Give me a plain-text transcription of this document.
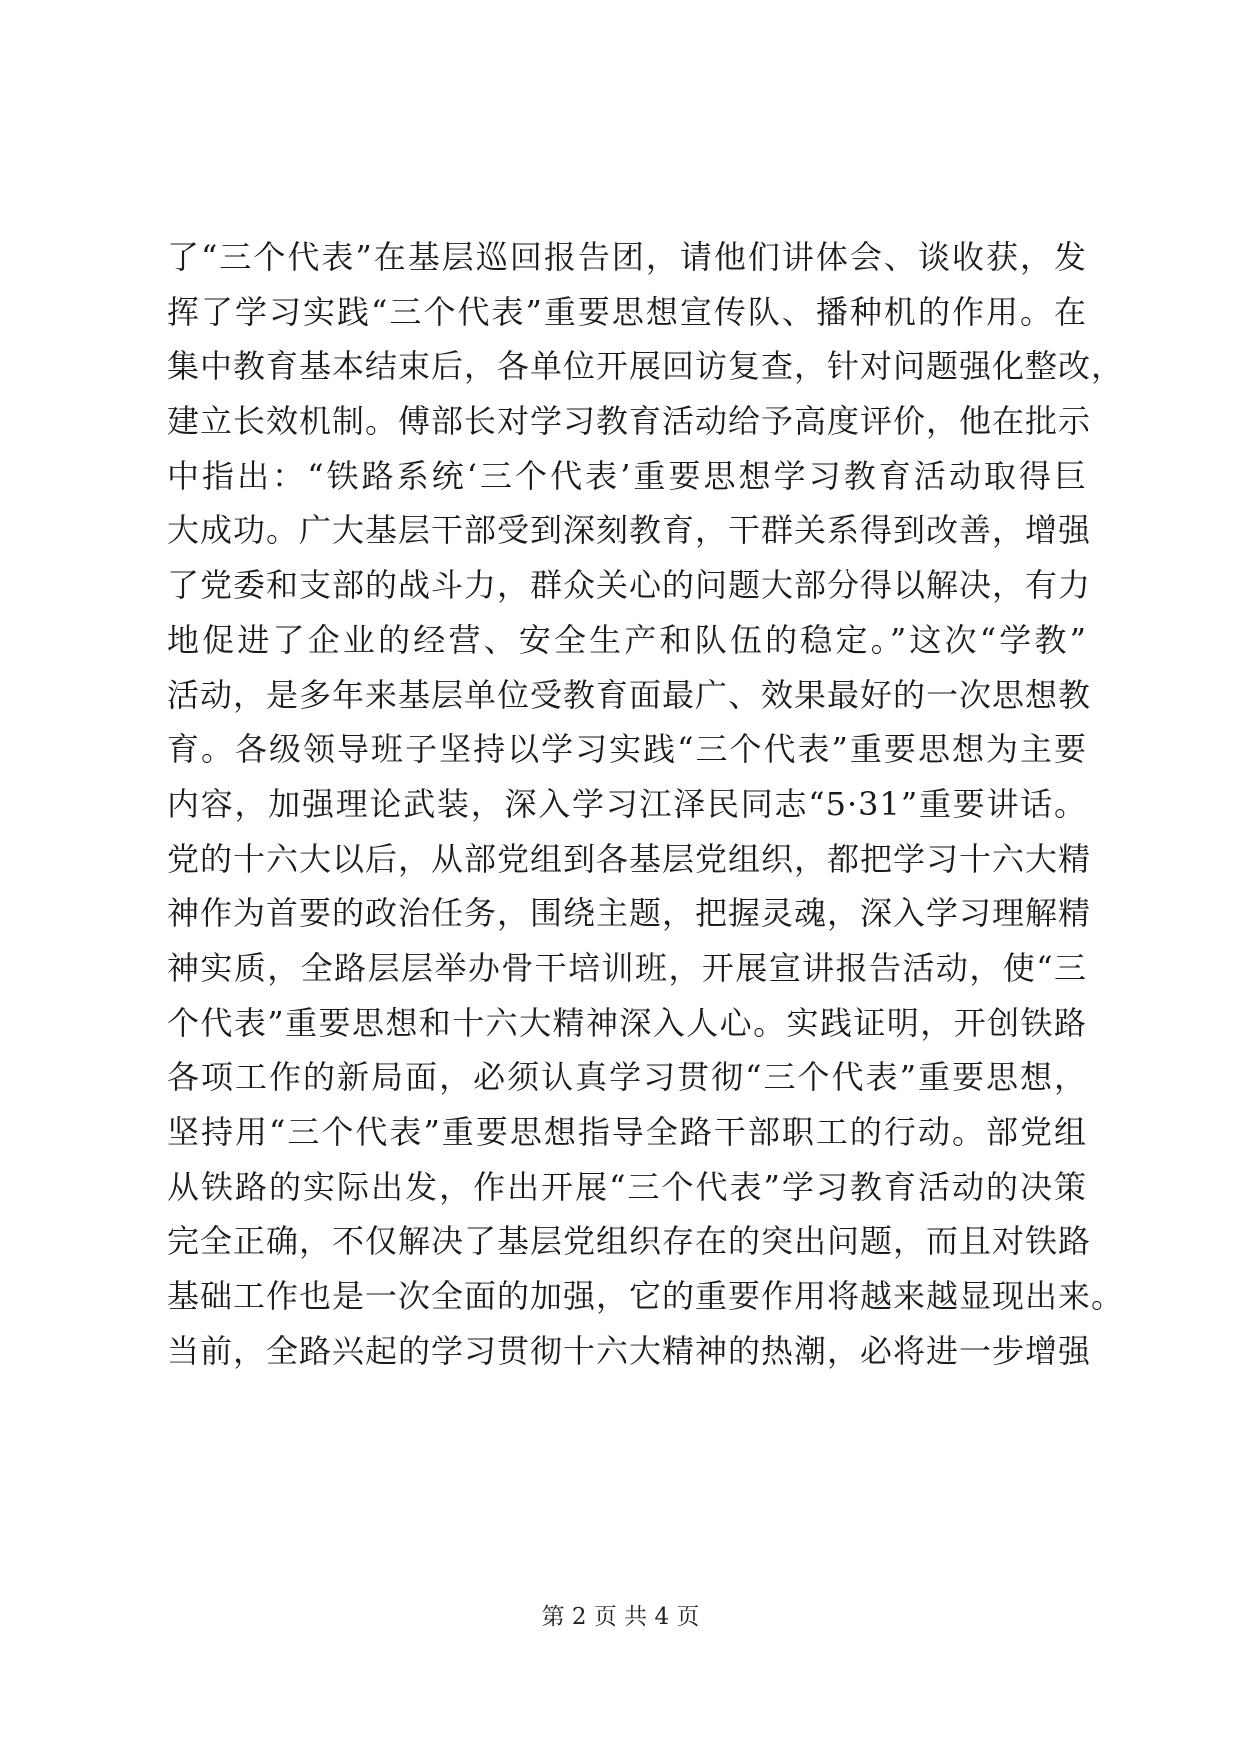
了“三个代表”在基层巡回报告团，请他们讲体会、谈收获，发
挥了学习实践“三个代表”重要思想宣传队、播种机的作用。在
集中教育基本结束后，各单位开展回访复查，针对问题强化整改，
建立长效机制。傅部长对学习教育活动给予高度评价，他在批示
中指出：“铁路系统‘三个代表’重要思想学习教育活动取得巨
大成功。广大基层干部受到深刻教育，干群关系得到改善，增强
了党委和支部的战斗力，群众关心的问题大部分得以解决，有力
地促进了企业的经营、安全生产和队伍的稳定。”这次“学教”
活动，是多年来基层单位受教育面最广、效果最好的一次思想教
育。各级领导班子坚持以学习实践“三个代表”重要思想为主要
内容，加强理论武装，深入学习江泽民同志“5·31”重要讲话。
党的十六大以后，从部党组到各基层党组织，都把学习十六大精
神作为首要的政治任务，围绕主题，把握灵魂，深入学习理解精
神实质，全路层层举办骨干培训班，开展宣讲报告活动，使“三
个代表”重要思想和十六大精神深入人心。实践证明，开创铁路
各项工作的新局面，必须认真学习贯彻“三个代表”重要思想，
坚持用“三个代表”重要思想指导全路干部职工的行动。部党组
从铁路的实际出发，作出开展“三个代表”学习教育活动的决策
完全正确，不仅解决了基层党组织存在的突出问题，而且对铁路
基础工作也是一次全面的加强，它的重要作用将越来越显现出来。
当前，全路兴起的学习贯彻十六大精神的热潮，必将进一步增强
第 2 页 共 4 页
